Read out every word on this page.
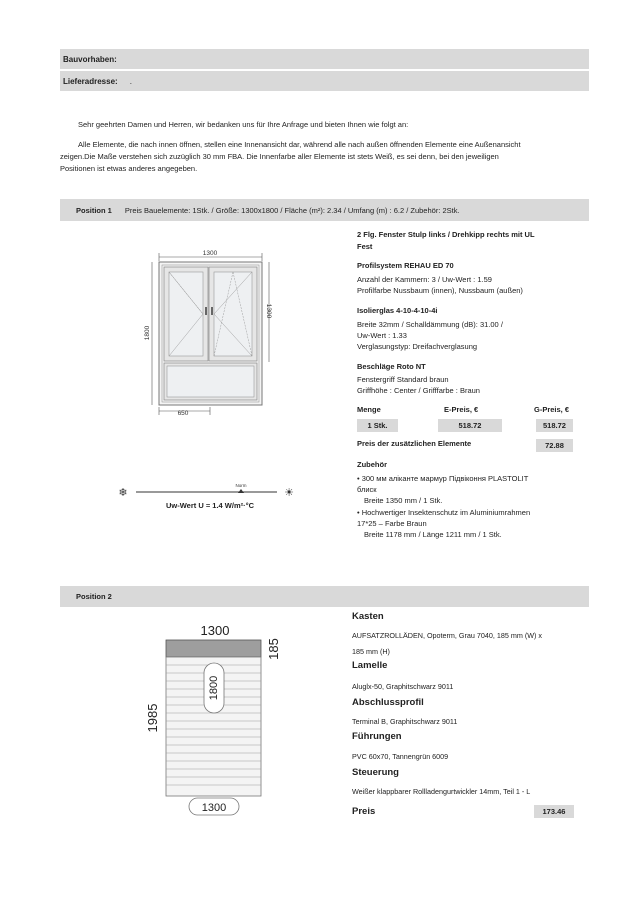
Bauvorhaben:
Lieferadresse: .
Sehr geehrten Damen und Herren, wir bedanken uns für Ihre Anfrage und bieten Ihnen wie folgt an:
Alle Elemente, die nach innen öffnen, stellen eine Innenansicht dar, während alle nach außen öffnenden Elemente eine Außenansicht
zeigen.Die Maße verstehen sich zuzüglich 30 mm FBA. Die Innenfarbe aller Elemente ist stets Weiß, es sei denn, bei den jeweiligen
Positionen ist etwas anderes angegeben.
Position 1 Preis Bauelemente: 1Stk. / Größe: 1300x1800 / Fläche (m²): 2.34 / Umfang (m) : 6.2 / Zubehör: 2Stk.
1300
1800
1300
650
❄
Norm
☀
Uw-Wert U = 1.4 W/m²·°C
2 Flg. Fenster Stulp links / Drehkipp rechts mit UL
Fest
Profilsystem REHAU ED 70
Anzahl der Kammern: 3 / Uw-Wert : 1.59
Profilfarbe Nussbaum (innen), Nussbaum (außen)
Isolierglas 4-10-4-10-4i
Breite 32mm / Schalldämmung (dB): 31.00 /
Uw-Wert : 1.33
Verglasungstyp: Dreifachverglasung
Beschläge Roto NT
Fenstergriff Standard braun
Griffhöhe : Center / Grifffarbe : Braun
Menge	E-Preis, €	G-Preis, €
1 Stk.	518.72	518.72
Preis der zusätzlichen Elemente	72.88
Zubehör
• 300 мм аліканте мармур Підвіконня PLASTOLIT
блиск
Breite 1350 mm / 1 Stk.
• Hochwertiger Insektenschutz im Aluminiumrahmen
17*25 – Farbe Braun
Breite 1178 mm / Länge 1211 mm / 1 Stk.
Position 2
1300
185
1985
1800
1300
Kasten
AUFSATZROLLÄDEN, Opoterm, Grau 7040, 185 mm (W) x
185 mm (H)
Lamelle
Aluglx-50, Graphitschwarz 9011
Abschlussprofil
Terminal B, Graphitschwarz 9011
Führungen
PVC 60x70, Tannengrün 6009
Steuerung
Weißer klappbarer Rollladengurtwickler 14mm, Teil 1 - L
Preis	173.46
